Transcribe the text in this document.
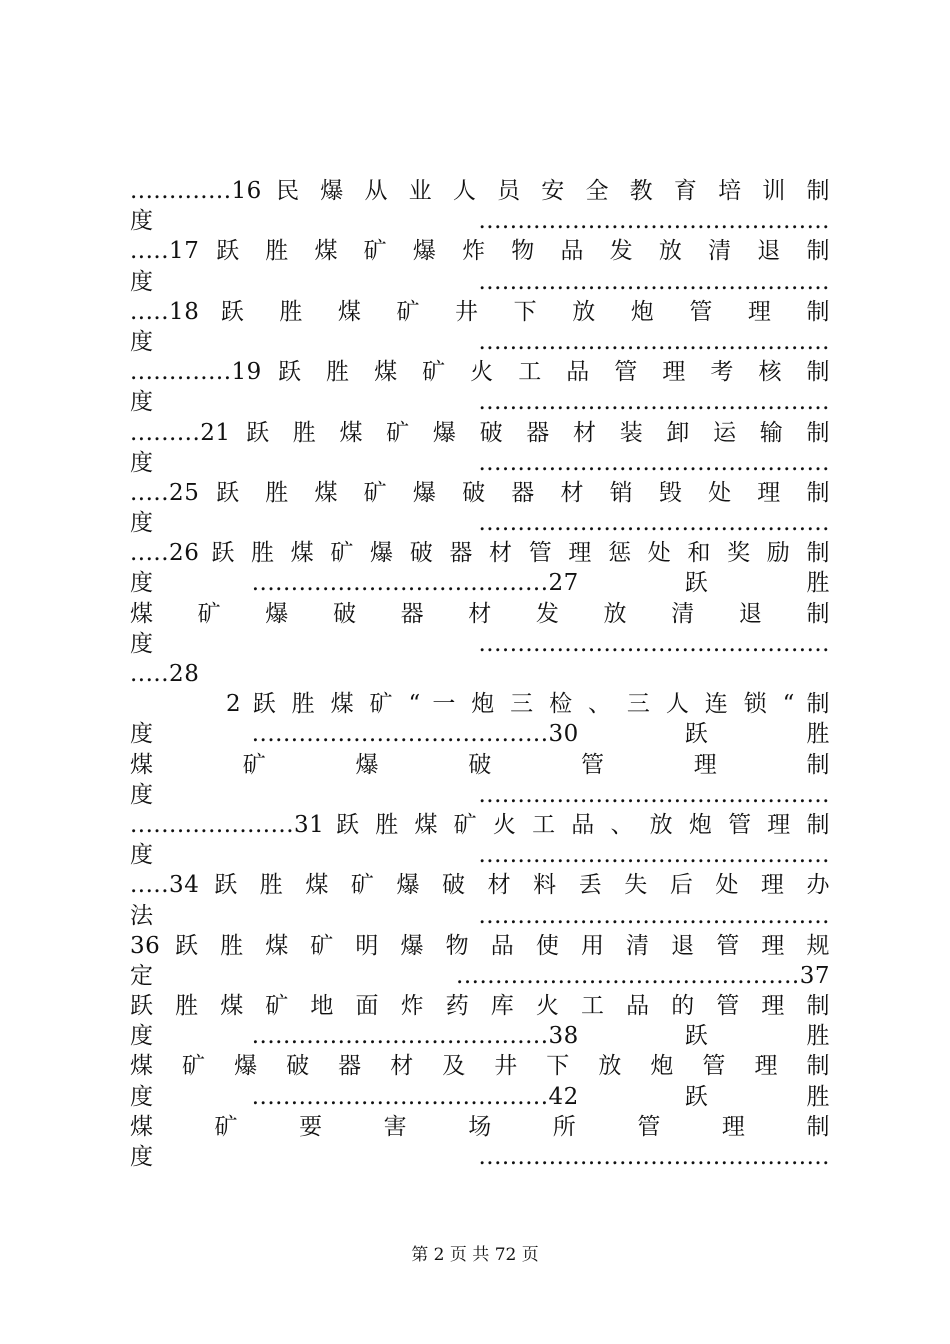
.............16 民 爆 从 业 人 员 安 全 教 育 培 训 制
度.............................................
.....17 跃 胜 煤 矿 爆 炸 物 品 发 放 清 退 制
度.............................................
.....18 跃 胜 煤 矿 井 下 放 炮 管 理 制
度.............................................
.............19 跃 胜 煤 矿 火 工 品 管 理 考 核 制
度.............................................
.........21 跃 胜 煤 矿 爆 破 器 材 装 卸 运 输 制
度.............................................
.....25 跃 胜 煤 矿 爆 破 器 材 销 毁 处 理 制
度.............................................
.....26 跃 胜 煤 矿 爆 破 器 材 管 理 惩 处 和 奖 励 制
度......................................27 跃胜
煤 矿 爆 破 器 材 发 放 清 退 制
度.............................................
.....28
2 跃 胜 煤 矿 “ 一 炮 三 检 、 三 人 连 锁 “ 制
度......................................30 跃胜
煤 矿 爆 破 管 理 制
度.............................................
.....................31 跃 胜 煤 矿 火 工 品 、 放 炮 管 理 制
度.............................................
.....34 跃 胜 煤 矿 爆 破 材 料 丢 失 后 处 理 办
法.............................................
36 跃 胜 煤 矿 明 爆 物 品 使 用 清 退 管 理 规
定 ............................................37
跃 胜 煤 矿 地 面 炸 药 库 火 工 品 的 管 理 制
度......................................38 跃胜
煤 矿 爆 破 器 材 及 井 下 放 炮 管 理 制
度......................................42 跃胜
煤 矿 要 害 场 所 管 理 制
度.............................................
第 2 页 共 72 页
